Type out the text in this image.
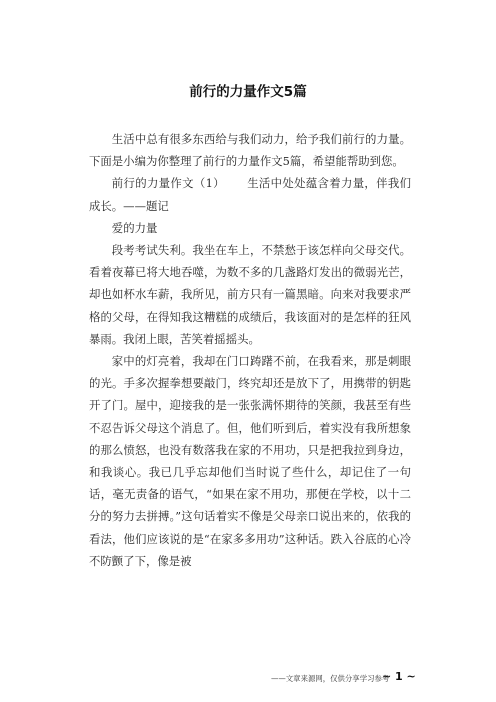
前行的力量作文5篇

生活中总有很多东西给与我们动力，给予我们前行的力量。下面是小编为你整理了前行的力量作文5篇，希望能帮助到您。

前行的力量作文（1） 生活中处处蕴含着力量，伴我们成长。——题记

爱的力量

段考考试失利。我坐在车上，不禁愁于该怎样向父母交代。看着夜幕已将大地吞噬，为数不多的几盏路灯发出的微弱光芒，却也如杯水车薪，我所见，前方只有一篇黑暗。向来对我要求严格的父母，在得知我这糟糕的成绩后，我该面对的是怎样的狂风暴雨。我闭上眼，苦笑着摇摇头。

家中的灯亮着，我却在门口踌躇不前，在我看来，那是刺眼的光。手多次握拳想要敲门，终究却还是放下了，用携带的钥匙开了门。屋中，迎接我的是一张张满怀期待的笑颜，我甚至有些不忍告诉父母这个消息了。但，他们听到后，着实没有我所想象的那么愤怒，也没有数落我在家的不用功，只是把我拉到身边，和我谈心。我已几乎忘却他们当时说了些什么，却记住了一句话，毫无责备的语气，“如果在家不用功，那便在学校，以十二分的努力去拼搏。”这句话着实不像是父母亲口说出来的，依我的看法，他们应该说的是“在家多多用功”这种话。跌入谷底的心冷不防颤了下，像是被

——文章来源网，仅供分享学习参考
~ 1 ~
